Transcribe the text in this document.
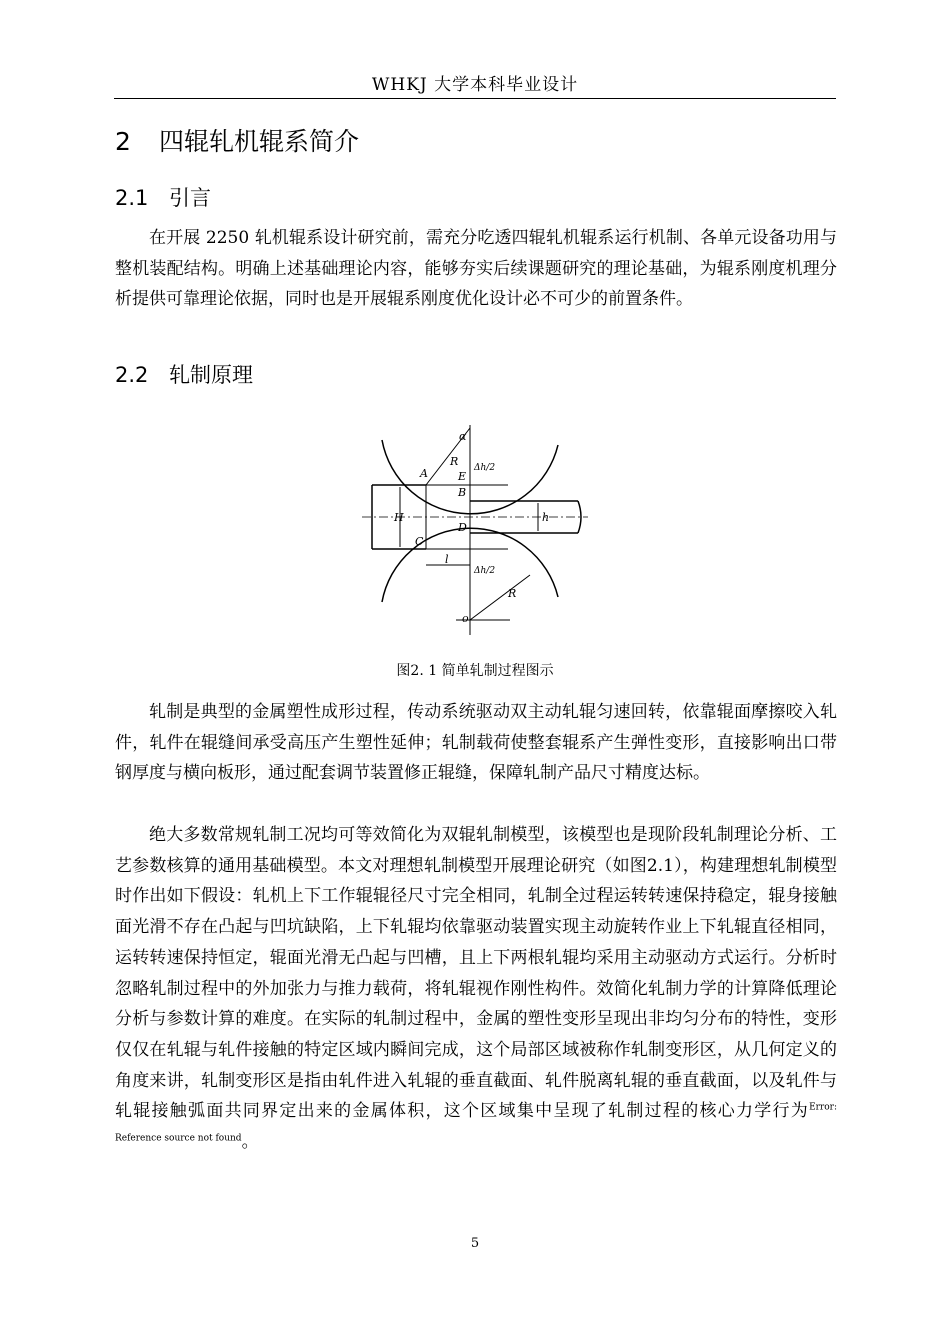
WHKJ 大学本科毕业设计
2 四辊轧机辊系简介
2.1 引言

在开展 2250 轧机辊系设计研究前，需充分吃透四辊轧机辊系运行机制、各单元设备功用与整机装配结构。明确上述基础理论内容，能够夯实后续课题研究的理论基础，为辊系刚度机理分析提供可靠理论依据，同时也是开展辊系刚度优化设计必不可少的前置条件。

2.2 轧制原理
R
α
A	E
B
Δh/2
H	h
D
C
l
Δh/2
R
o
图2. 1 简单轧制过程图示

轧制是典型的金属塑性成形过程，传动系统驱动双主动轧辊匀速回转，依靠辊面摩擦咬入轧件，轧件在辊缝间承受高压产生塑性延伸；轧制载荷使整套辊系产生弹性变形，直接影响出口带钢厚度与横向板形，通过配套调节装置修正辊缝，保障轧制产品尺寸精度达标。

绝大多数常规轧制工况均可等效简化为双辊轧制模型，该模型也是现阶段轧制理论分析、工艺参数核算的通用基础模型。本文对理想轧制模型开展理论研究（如图2.1），构建理想轧制模型时作出如下假设：轧机上下工作辊辊径尺寸完全相同，轧制全过程运转转速保持稳定，辊身接触面光滑不存在凸起与凹坑缺陷，上下轧辊均依靠驱动装置实现主动旋转作业上下轧辊直径相同，运转转速保持恒定，辊面光滑无凸起与凹槽，且上下两根轧辊均采用主动驱动方式运行。分析时忽略轧制过程中的外加张力与推力载荷，将轧辊视作刚性构件。效简化轧制力学的计算降低理论分析与参数计算的难度。在实际的轧制过程中，金属的塑性变形呈现出非均匀分布的特性，变形仅仅在轧辊与轧件接触的特定区域内瞬间完成，这个局部区域被称作轧制变形区，从几何定义的角度来讲，轧制变形区是指由轧件进入轧辊的垂直截面、轧件脱离轧辊的垂直截面，以及轧件与轧辊接触弧面共同界定出来的金属体积，这个区域集中呈现了轧制过程的核心力学行为$^{Error: Reference source not found}$。

5
